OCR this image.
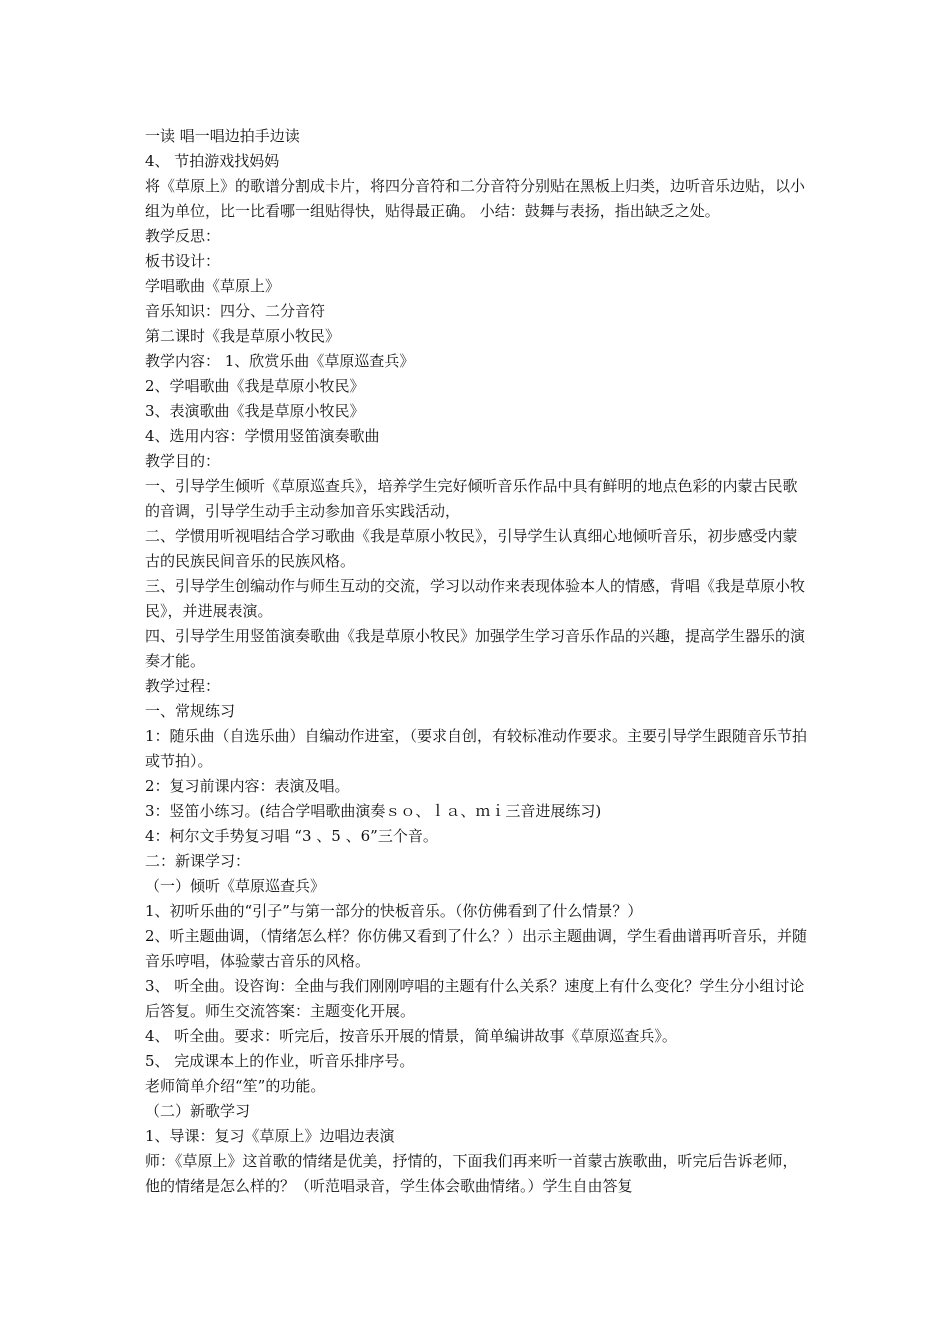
一读 唱一唱边拍手边读

4、 节拍游戏找妈妈

将《草原上》的歌谱分割成卡片，将四分音符和二分音符分别贴在黑板上归类，边听音乐边贴，以小组为单位，比一比看哪一组贴得快，贴得最正确。 小结：鼓舞与表扬，指出缺乏之处。

教学反思：

板书设计：

学唱歌曲《草原上》

音乐知识：四分、二分音符

第二课时《我是草原小牧民》

教学内容： 1、欣赏乐曲《草原巡查兵》

2、学唱歌曲《我是草原小牧民》

3、表演歌曲《我是草原小牧民》

4、选用内容：学惯用竖笛演奏歌曲

教学目的：

一、引导学生倾听《草原巡查兵》，培养学生完好倾听音乐作品中具有鲜明的地点色彩的内蒙古民歌的音调，引导学生动手主动参加音乐实践活动，

二、学惯用听视唱结合学习歌曲《我是草原小牧民》，引导学生认真细心地倾听音乐，初步感受内蒙古的民族民间音乐的民族风格。

三、引导学生创编动作与师生互动的交流，学习以动作来表现体验本人的情感，背唱《我是草原小牧民》，并进展表演。

四、引导学生用竖笛演奏歌曲《我是草原小牧民》加强学生学习音乐作品的兴趣，提高学生器乐的演奏才能。

教学过程：

一、常规练习

1：随乐曲（自选乐曲）自编动作进室，（要求自创，有较标准动作要求。主要引导学生跟随音乐节拍或节拍）。

2：复习前课内容：表演及唱。

3：竖笛小练习。(结合学唱歌曲演奏ｓｏ、ｌａ、ｍｉ三音进展练习)

4：柯尔文手势复习唱 “3 、5 、6”三个音。

二：新课学习：

（一）倾听《草原巡查兵》

1、初听乐曲的“引子”与第一部分的快板音乐。（你仿佛看到了什么情景？）

2、听主题曲调，（情绪怎么样？你仿佛又看到了什么？）出示主题曲调，学生看曲谱再听音乐，并随音乐哼唱，体验蒙古音乐的风格。

3、 听全曲。设咨询：全曲与我们刚刚哼唱的主题有什么关系？速度上有什么变化？学生分小组讨论后答复。师生交流答案：主题变化开展。

4、 听全曲。要求：听完后，按音乐开展的情景，简单编讲故事《草原巡查兵》。

5、 完成课本上的作业，听音乐排序号。

老师简单介绍“笙”的功能。

（二）新歌学习

1、导课：复习《草原上》边唱边表演

师：《草原上》这首歌的情绪是优美，抒情的，下面我们再来听一首蒙古族歌曲，听完后告诉老师，他的情绪是怎么样的？（听范唱录音，学生体会歌曲情绪。）学生自由答复
